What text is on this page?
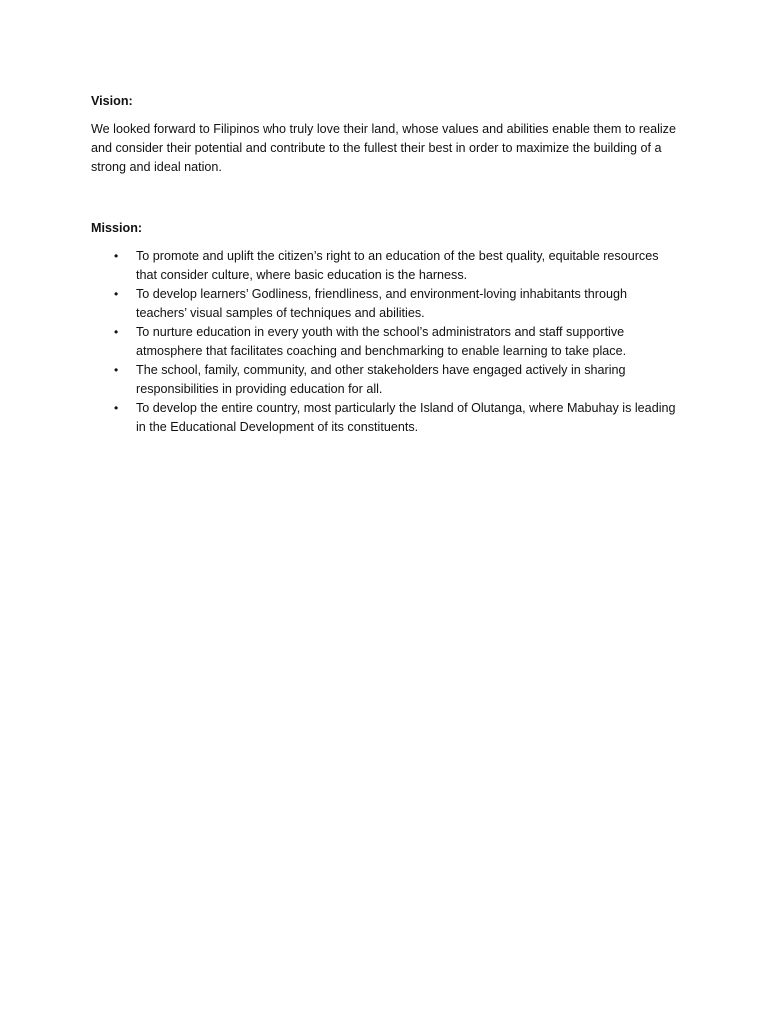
Vision:

We looked forward to Filipinos who truly love their land, whose values and abilities enable them to realize and consider their potential and contribute to the fullest their best in order to maximize the building of a strong and ideal nation.

Mission:
• To promote and uplift the citizen’s right to an education of the best quality, equitable resources that consider culture, where basic education is the harness.
• To develop learners’ Godliness, friendliness, and environment-loving inhabitants through teachers’ visual samples of techniques and abilities.
• To nurture education in every youth with the school’s administrators and staff supportive atmosphere that facilitates coaching and benchmarking to enable learning to take place.
• The school, family, community, and other stakeholders have engaged actively in sharing responsibilities in providing education for all.
• To develop the entire country, most particularly the Island of Olutanga, where Mabuhay is leading in the Educational Development of its constituents.
